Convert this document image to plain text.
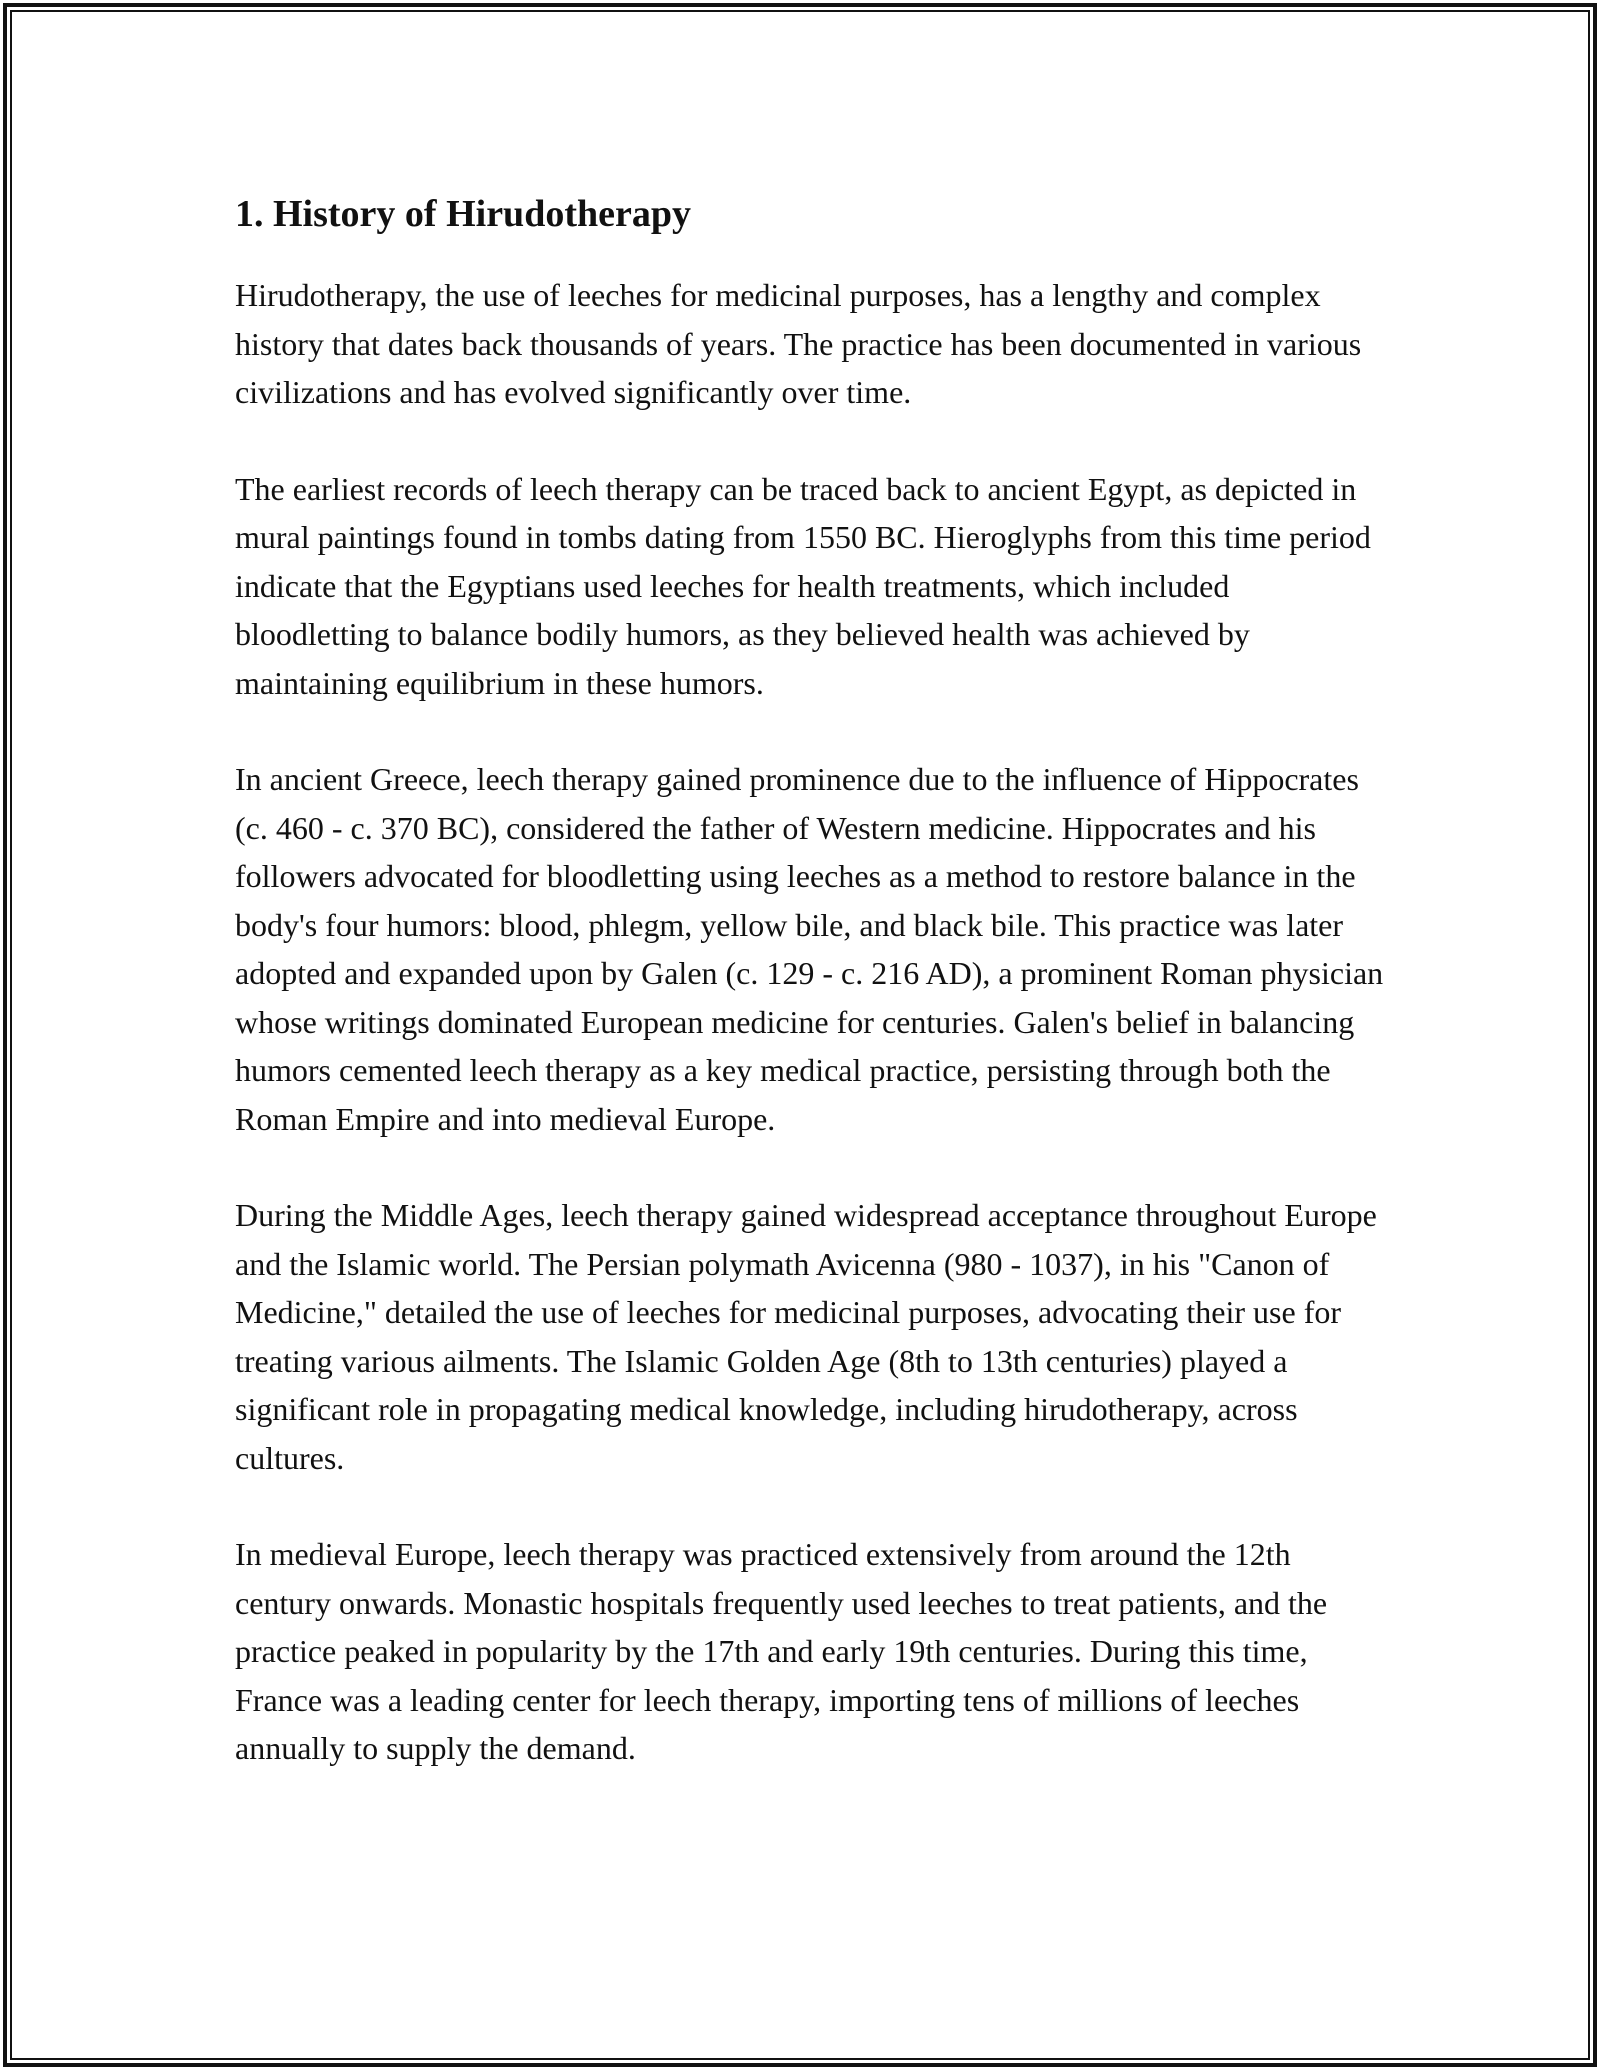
1. History of Hirudotherapy

Hirudotherapy, the use of leeches for medicinal purposes, has a lengthy and complex history that dates back thousands of years. The practice has been documented in various civilizations and has evolved significantly over time.

The earliest records of leech therapy can be traced back to ancient Egypt, as depicted in mural paintings found in tombs dating from 1550 BC. Hieroglyphs from this time period indicate that the Egyptians used leeches for health treatments, which included bloodletting to balance bodily humors, as they believed health was achieved by maintaining equilibrium in these humors.

In ancient Greece, leech therapy gained prominence due to the influence of Hippocrates (c. 460 - c. 370 BC), considered the father of Western medicine. Hippocrates and his followers advocated for bloodletting using leeches as a method to restore balance in the body's four humors: blood, phlegm, yellow bile, and black bile. This practice was later adopted and expanded upon by Galen (c. 129 - c. 216 AD), a prominent Roman physician whose writings dominated European medicine for centuries. Galen's belief in balancing humors cemented leech therapy as a key medical practice, persisting through both the Roman Empire and into medieval Europe.

During the Middle Ages, leech therapy gained widespread acceptance throughout Europe and the Islamic world. The Persian polymath Avicenna (980 - 1037), in his "Canon of Medicine," detailed the use of leeches for medicinal purposes, advocating their use for treating various ailments. The Islamic Golden Age (8th to 13th centuries) played a significant role in propagating medical knowledge, including hirudotherapy, across cultures.

In medieval Europe, leech therapy was practiced extensively from around the 12th century onwards. Monastic hospitals frequently used leeches to treat patients, and the practice peaked in popularity by the 17th and early 19th centuries. During this time, France was a leading center for leech therapy, importing tens of millions of leeches annually to supply the demand.
